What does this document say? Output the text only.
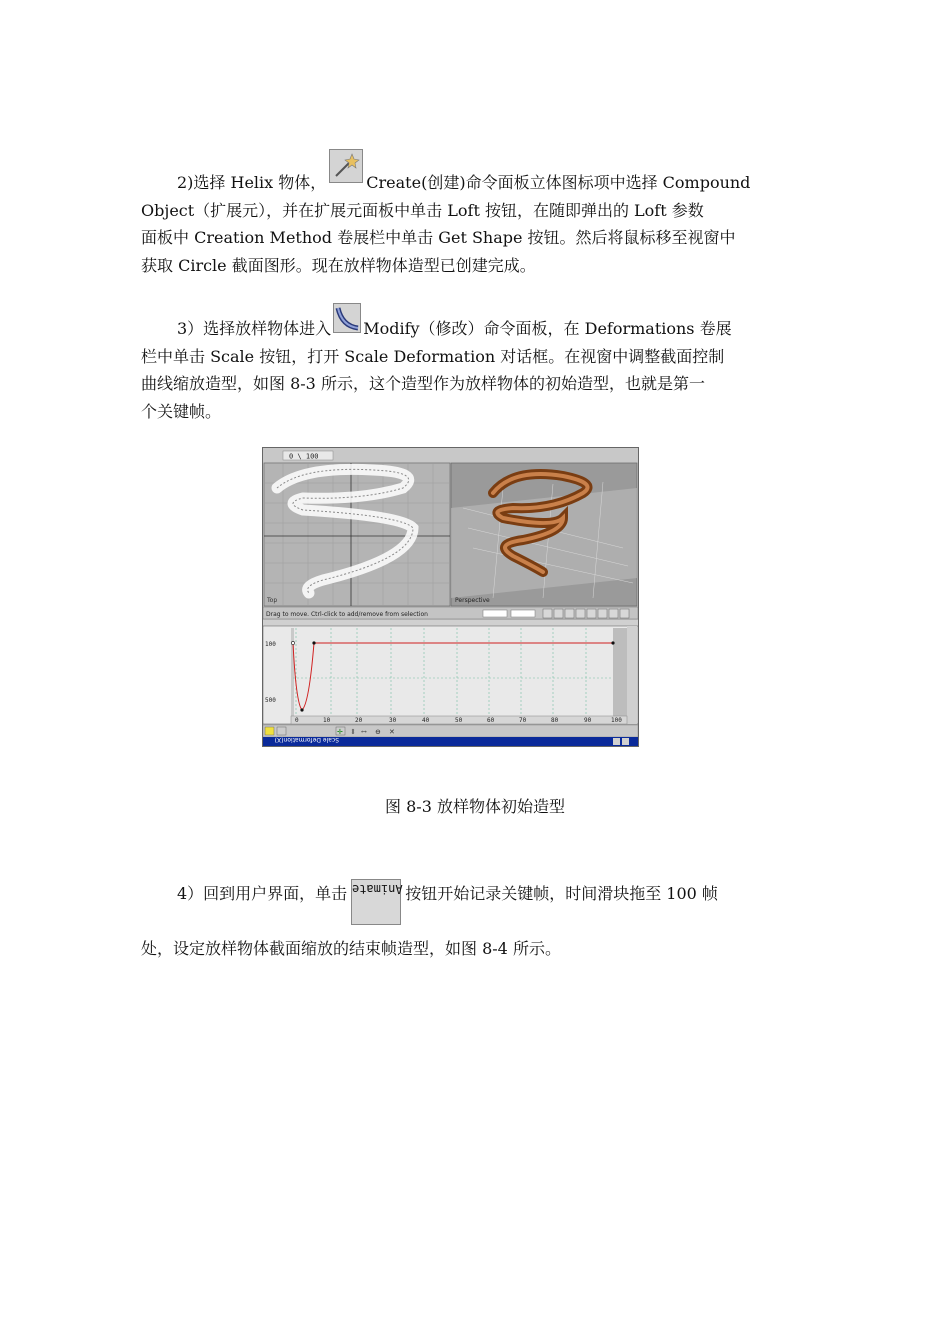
2)选择 Helix 物体，	Create(创建)命令面板立体图标项中选择 Compound
Object（扩展元），并在扩展元面板中单击 Loft 按钮，在随即弹出的 Loft 参数
面板中 Creation Method 卷展栏中单击 Get Shape 按钮。然后将鼠标移至视窗中
获取 Circle 截面图形。现在放样物体造型已创建完成。
3）选择放样物体进入 Modify（修改）命令面板，在 Deformations 卷展
栏中单击 Scale 按钮，打开 Scale Deformation 对话框。在视窗中调整截面控制
曲线缩放造型，如图 8-3 所示，这个造型作为放样物体的初始造型，也就是第一
个关键帧。
0 \ 100
Top	Perspective
Drag to move. Ctrl-click to add/remove from selection
100
500
0	10	20	30	40	50	60	70	80	90	100
✛ ⇕ ↔ ⊖ ✕
Scale Deformation(X)
图 8-3 放样物体初始造型
4）回到用户界面，单击 Animate 按钮开始记录关键帧，时间滑块拖至 100 帧
处，设定放样物体截面缩放的结束帧造型，如图 8-4 所示。
